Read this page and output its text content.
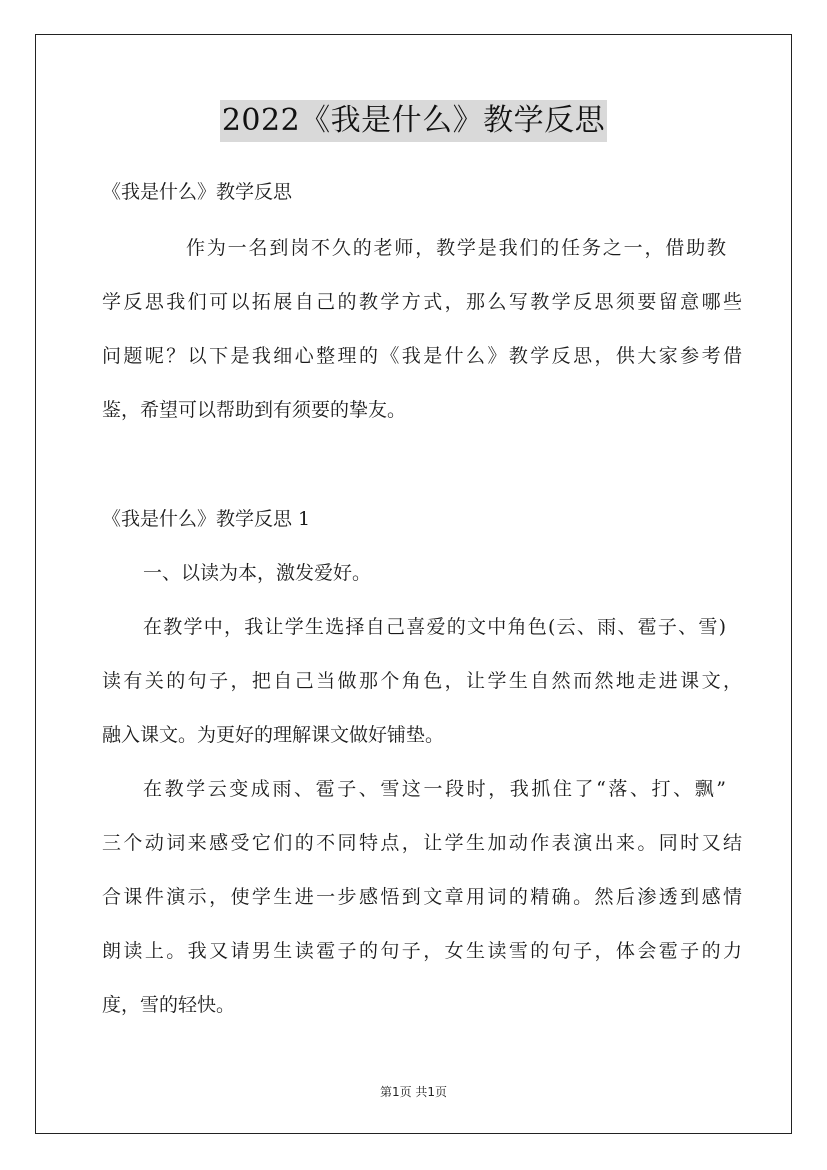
2022《我是什么》教学反思
《我是什么》教学反思
作为一名到岗不久的老师，教学是我们的任务之一，借助教
学反思我们可以拓展自己的教学方式，那么写教学反思须要留意哪些
问题呢？以下是我细心整理的《我是什么》教学反思，供大家参考借
鉴，希望可以帮助到有须要的挚友。
《我是什么》教学反思 1
一、以读为本，激发爱好。
在教学中，我让学生选择自己喜爱的文中角色(云、雨、雹子、雪)
读有关的句子，把自己当做那个角色，让学生自然而然地走进课文，
融入课文。为更好的理解课文做好铺垫。
在教学云变成雨、雹子、雪这一段时，我抓住了“落、打、飘”
三个动词来感受它们的不同特点，让学生加动作表演出来。同时又结
合课件演示，使学生进一步感悟到文章用词的精确。然后渗透到感情
朗读上。我又请男生读雹子的句子，女生读雪的句子，体会雹子的力
度，雪的轻快。
第1页 共1页
